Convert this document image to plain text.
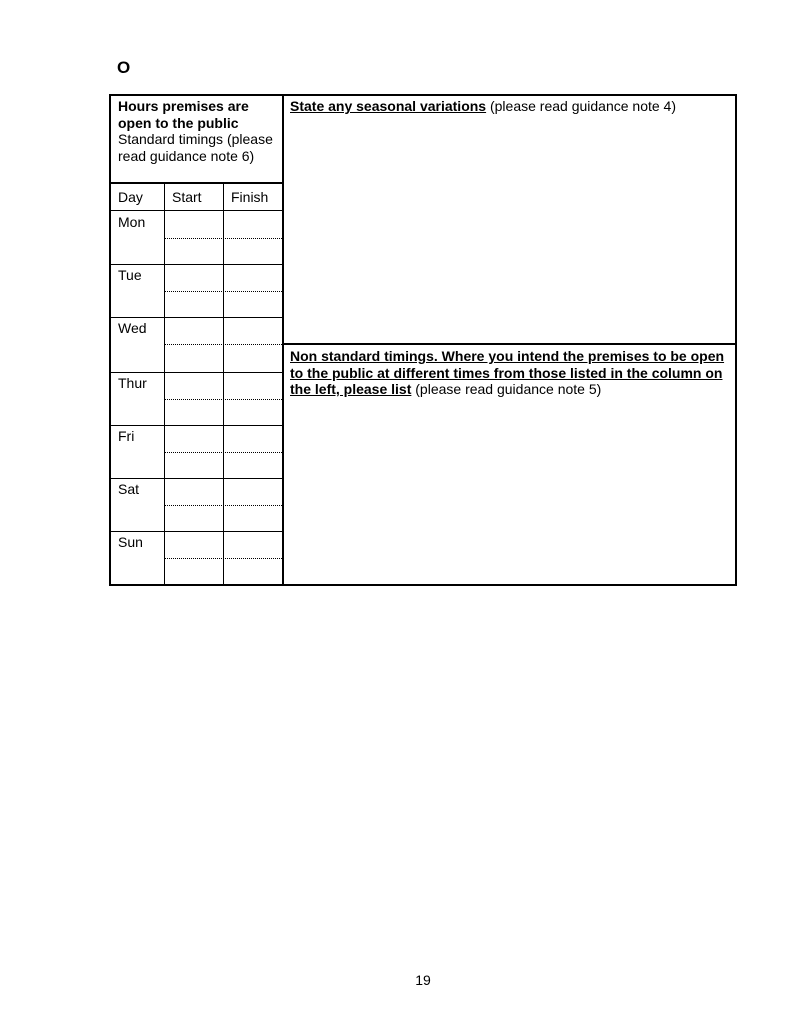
O
Hours premises are open to the public
Standard timings (please read guidance note 6)
Day Start Finish
Mon
Tue
Wed
Thur
Fri
Sat
Sun
State any seasonal variations (please read guidance note 4)
Non standard timings. Where you intend the premises to be open to the public at different times from those listed in the column on the left, please list (please read guidance note 5)
19
